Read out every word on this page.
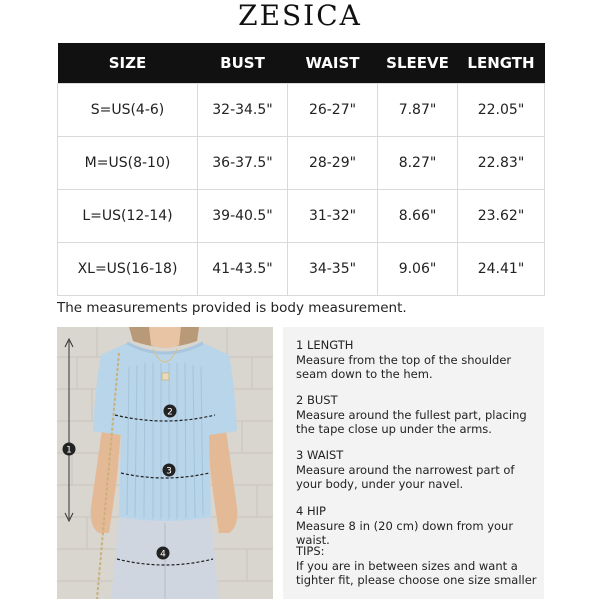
ZESICA
SIZE	BUST	WAIST	SLEEVE	LENGTH
S=US(4-6)	32-34.5"	26-27"	7.87"	22.05"
M=US(8-10)	36-37.5"	28-29"	8.27"	22.83"
L=US(12-14)	39-40.5"	31-32"	8.66"	23.62"
XL=US(16-18)	41-43.5"	34-35"	9.06"	24.41"
The measurements provided is body measurement.
1
2
3
4
1 LENGTH
Measure from the top of the shoulder seam down to the hem.
2 BUST
Measure around the fullest part, placing the tape close up under the arms.
3 WAIST
Measure around the narrowest part of your body, under your navel.
4 HIP
Measure 8 in (20 cm) down from your waist.
TIPS:
If you are in between sizes and want a tighter fit, please choose one size smaller
